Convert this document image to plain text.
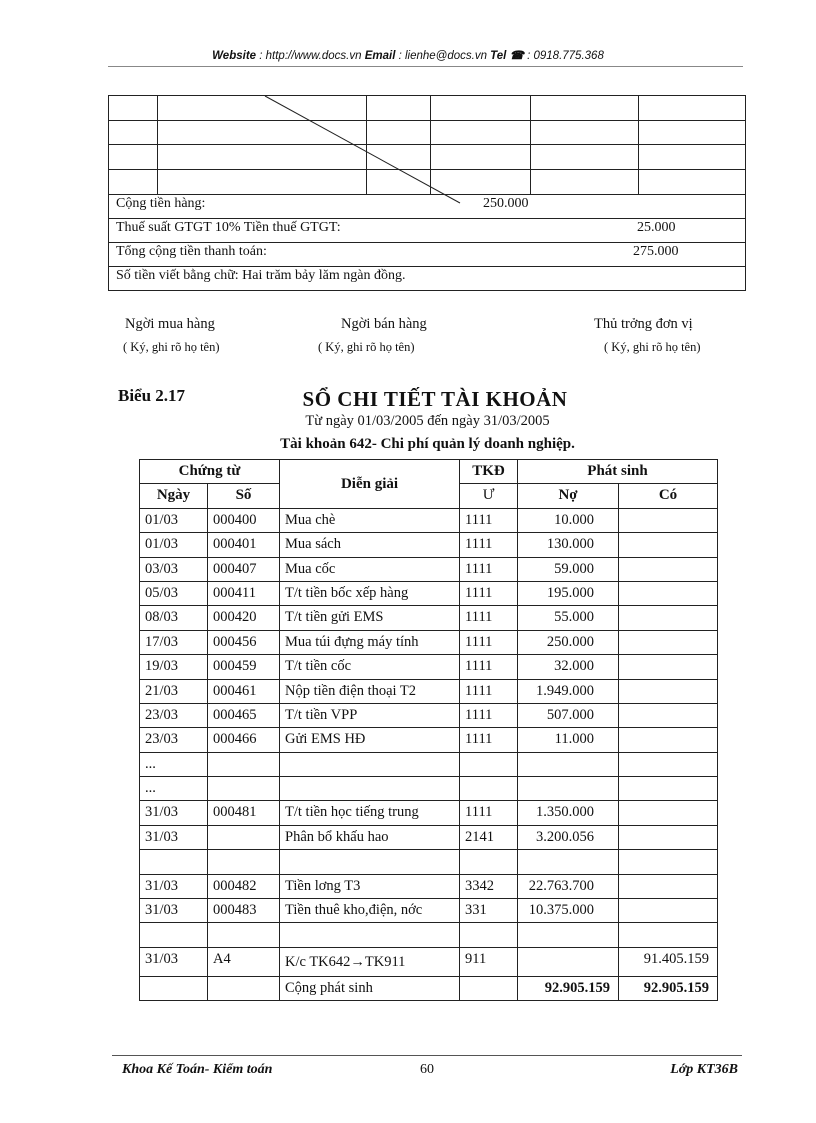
Website : http://www.docs.vn Email : lienhe@docs.vn Tel ☎ : 0918.775.368
Cộng tiền hàng:	250.000
Thuế suất GTGT 10% Tiền thuế GTGT:	25.000
Tổng cộng tiền thanh toán:	275.000
Số tiền viết bằng chữ: Hai trăm bảy lăm ngàn đồng.
Ngời mua hàng
( Ký, ghi rõ họ tên)
Ngời bán hàng
( Ký, ghi rõ họ tên)
Thủ trởng đơn vị
( Ký, ghi rõ họ tên)
Biểu 2.17	SỔ CHI TIẾT TÀI KHOẢN
Từ ngày 01/03/2005 đến ngày 31/03/2005
Tài khoản 642- Chi phí quản lý doanh nghiệp.
Chứng từ		Diễn giải	TKĐ	Phát sinh	
Ngày	Số		Ư	Nợ	Có
01/03	000400	Mua chè	1111	10.000	
01/03	000401	Mua sách	1111	130.000	
03/03	000407	Mua cốc	1111	59.000	
05/03	000411	T/t tiền bốc xếp hàng	1111	195.000	
08/03	000420	T/t tiền gửi EMS	1111	55.000	
17/03	000456	Mua túi đựng máy tính	1111	250.000	
19/03	000459	T/t tiền cốc	1111	32.000	
21/03	000461	Nộp tiền điện thoại T2	1111	1.949.000	
23/03	000465	T/t tiền VPP	1111	507.000	
23/03	000466	Gửi EMS HĐ	1111	11.000	
...					
...					
31/03	000481	T/t tiền học tiếng trung	1111	1.350.000	
31/03		Phân bổ khấu hao	2141	3.200.056	

31/03	000482	Tiền lơng T3	3342	22.763.700	
31/03	000483	Tiền thuê kho,điện, nớc	331	10.375.000	

31/03	A4	K/c TK642→TK911	911		91.405.159
		Cộng phát sinh		92.905.159	92.905.159
Khoa Kế Toán- Kiểm toán	60	Lớp KT36B
